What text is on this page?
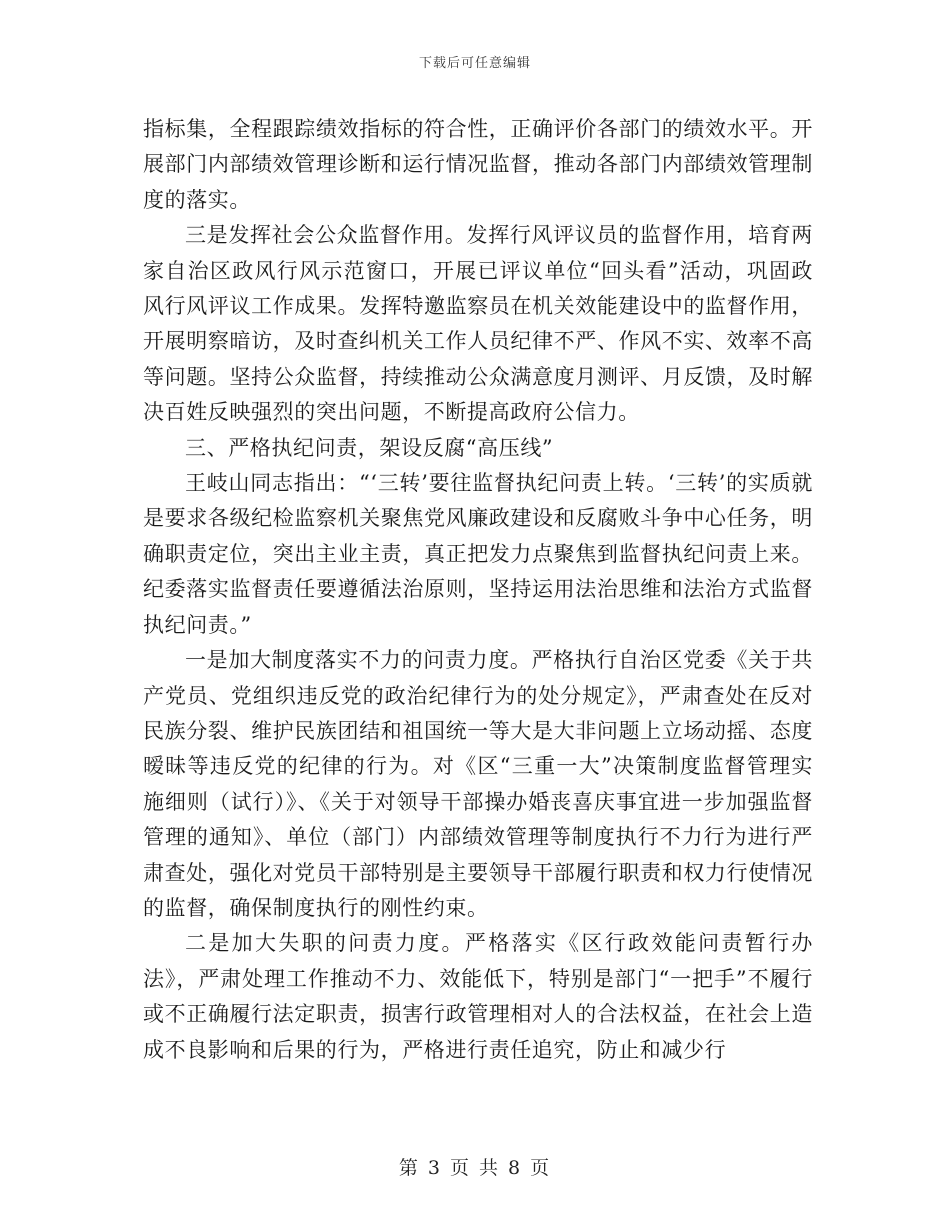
下载后可任意编辑

指标集，全程跟踪绩效指标的符合性，正确评价各部门的绩效水平。开展部门内部绩效管理诊断和运行情况监督，推动各部门内部绩效管理制度的落实。

三是发挥社会公众监督作用。发挥行风评议员的监督作用，培育两家自治区政风行风示范窗口，开展已评议单位“回头看”活动，巩固政风行风评议工作成果。发挥特邀监察员在机关效能建设中的监督作用，开展明察暗访，及时查纠机关工作人员纪律不严、作风不实、效率不高等问题。坚持公众监督，持续推动公众满意度月测评、月反馈，及时解决百姓反映强烈的突出问题，不断提高政府公信力。

三、严格执纪问责，架设反腐“高压线”

王岐山同志指出：“‘三转’要往监督执纪问责上转。‘三转’的实质就是要求各级纪检监察机关聚焦党风廉政建设和反腐败斗争中心任务，明确职责定位，突出主业主责，真正把发力点聚焦到监督执纪问责上来。纪委落实监督责任要遵循法治原则，坚持运用法治思维和法治方式监督执纪问责。”

一是加大制度落实不力的问责力度。严格执行自治区党委《关于共产党员、党组织违反党的政治纪律行为的处分规定》，严肃查处在反对民族分裂、维护民族团结和祖国统一等大是大非问题上立场动摇、态度暧昧等违反党的纪律的行为。对《区“三重一大”决策制度监督管理实施细则（试行）》、《关于对领导干部操办婚丧喜庆事宜进一步加强监督管理的通知》、单位（部门）内部绩效管理等制度执行不力行为进行严肃查处，强化对党员干部特别是主要领导干部履行职责和权力行使情况的监督，确保制度执行的刚性约束。

二是加大失职的问责力度。严格落实《区行政效能问责暂行办法》，严肃处理工作推动不力、效能低下，特别是部门“一把手”不履行或不正确履行法定职责，损害行政管理相对人的合法权益，在社会上造成不良影响和后果的行为，严格进行责任追究，防止和减少行

第 3 页 共 8 页
